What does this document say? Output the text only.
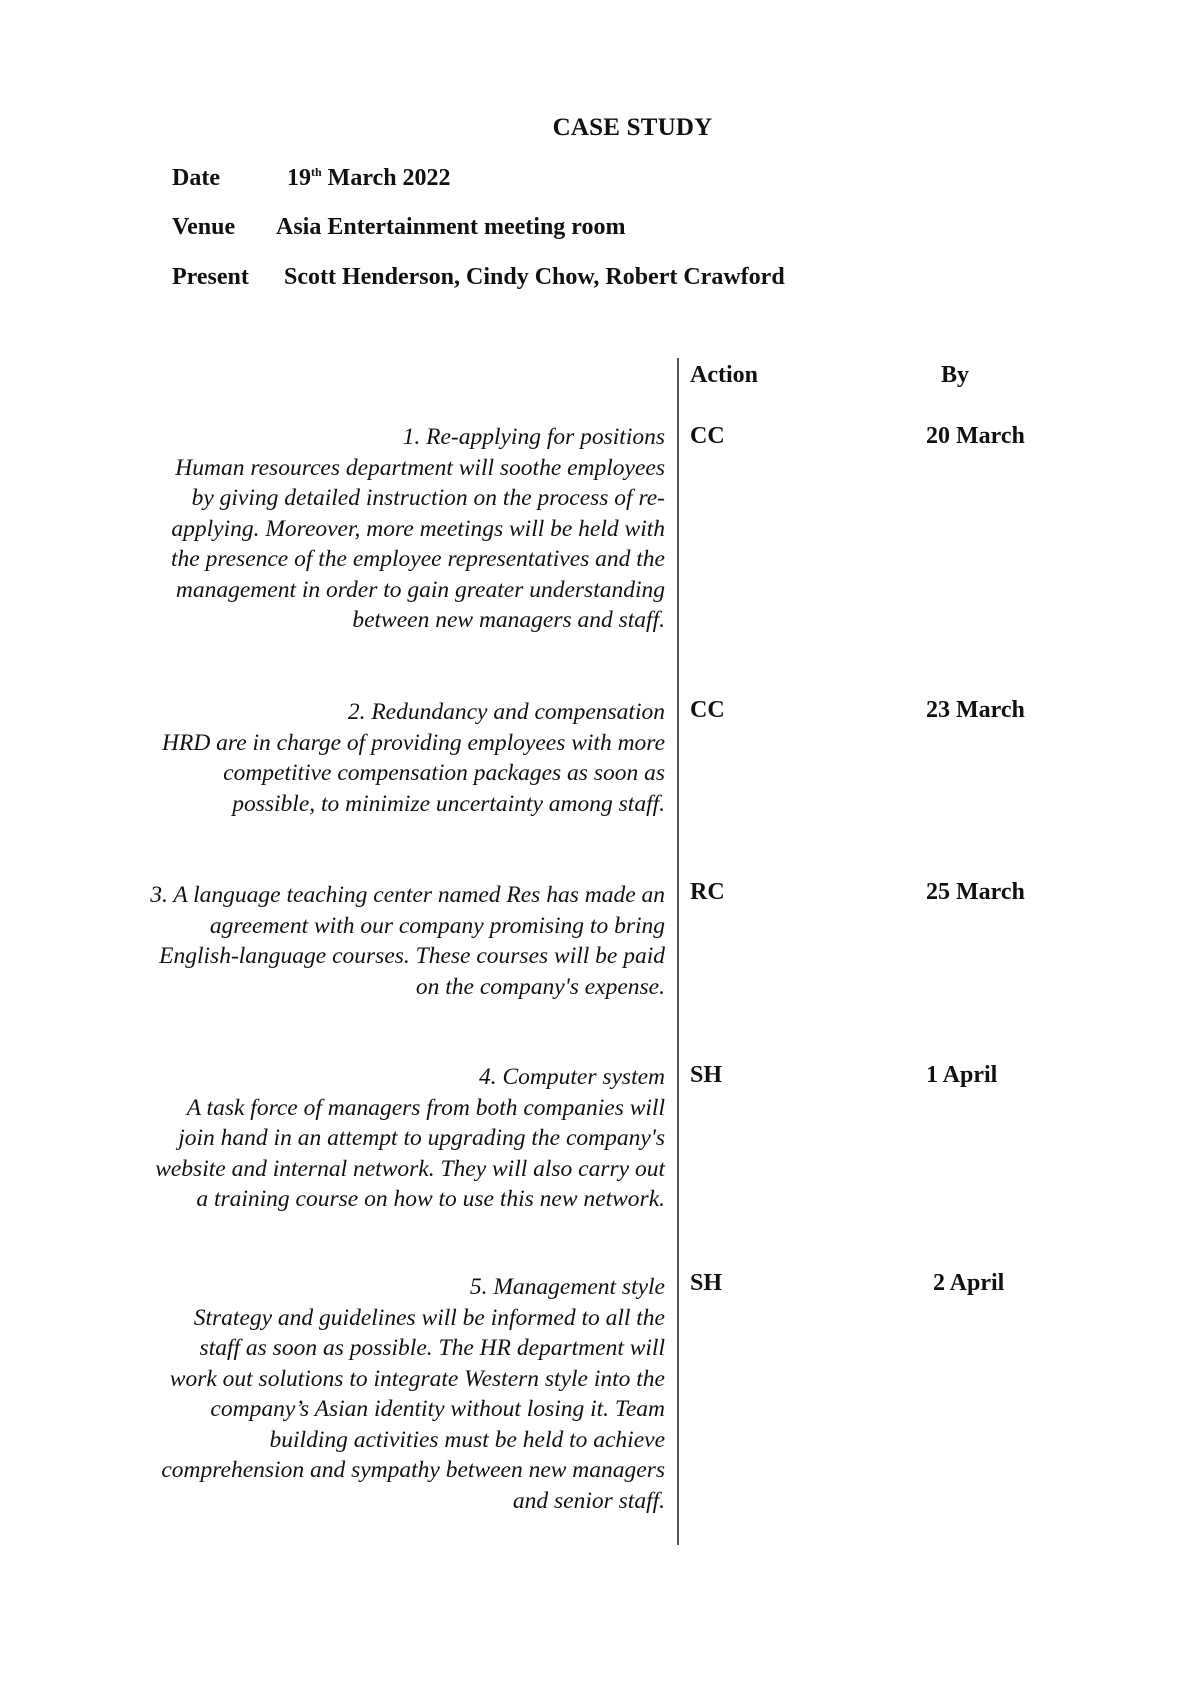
CASE STUDY
Date	19th March 2022
Venue Asia Entertainment meeting room
Present Scott Henderson, Cindy Chow, Robert Crawford
Action	By
1. Re-applying for positions
Human resources department will soothe employees by giving detailed instruction on the process of re-applying. Moreover, more meetings will be held with the presence of the employee representatives and the management in order to gain greater understanding between new managers and staff.
CC	20 March
2. Redundancy and compensation
HRD are in charge of providing employees with more competitive compensation packages as soon as possible, to minimize uncertainty among staff.
CC	23 March
3. A language teaching center named Res has made an agreement with our company promising to bring English-language courses. These courses will be paid on the company's expense.
RC	25 March
4. Computer system
A task force of managers from both companies will join hand in an attempt to upgrading the company's website and internal network. They will also carry out a training course on how to use this new network.
SH	1 April
5. Management style
Strategy and guidelines will be informed to all the staff as soon as possible. The HR department will work out solutions to integrate Western style into the company’s Asian identity without losing it. Team building activities must be held to achieve comprehension and sympathy between new managers and senior staff.
SH	2 April
